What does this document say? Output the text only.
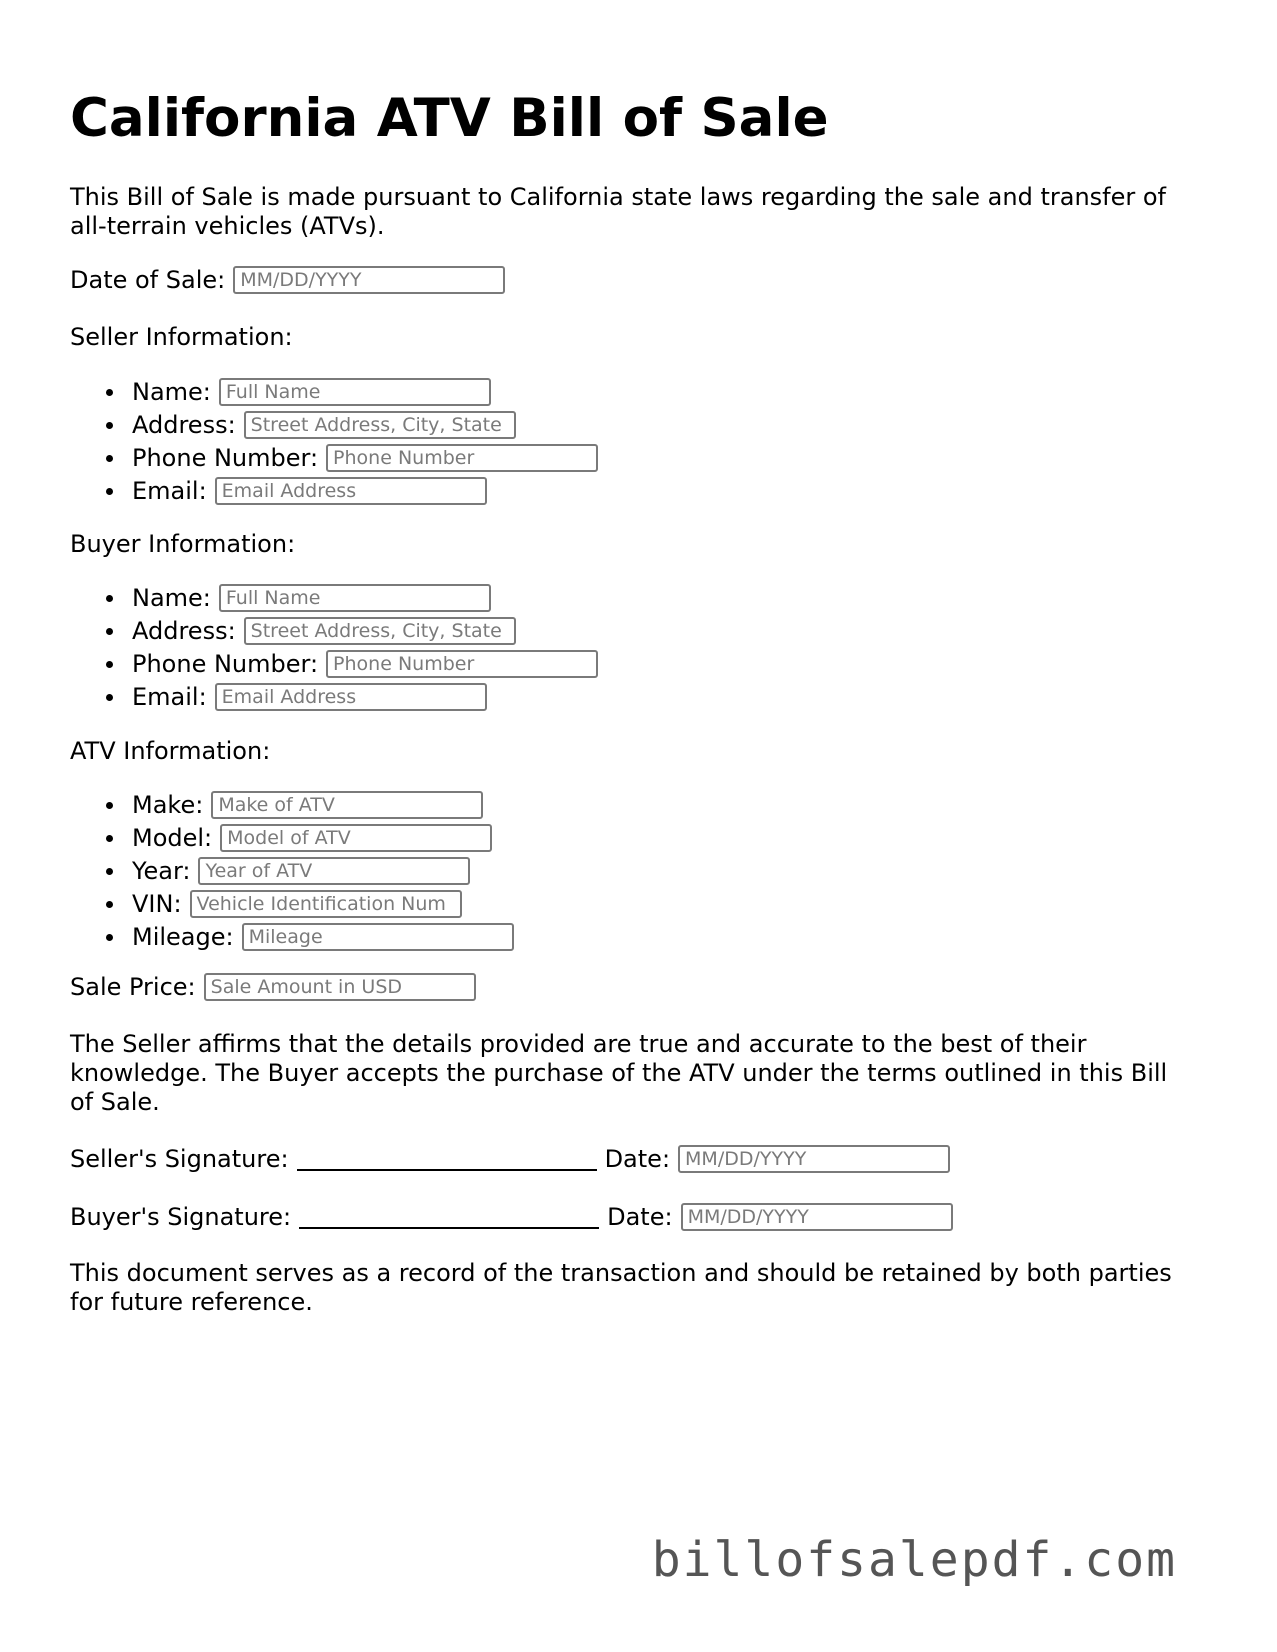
California ATV Bill of Sale
This Bill of Sale is made pursuant to California state laws regarding the sale and transfer of all-terrain vehicles (ATVs).
Date of Sale: MM/DD/YYYY
Seller Information:
Name: Full Name
Address: Street Address, City, State
Phone Number: Phone Number
Email: Email Address
Buyer Information:
Name: Full Name
Address: Street Address, City, State
Phone Number: Phone Number
Email: Email Address
ATV Information:
Make: Make of ATV
Model: Model of ATV
Year: Year of ATV
VIN: Vehicle Identification Num
Mileage: Mileage
Sale Price: Sale Amount in USD
The Seller affirms that the details provided are true and accurate to the best of their knowledge. The Buyer accepts the purchase of the ATV under the terms outlined in this Bill of Sale.
Seller's Signature:	Date: MM/DD/YYYY
Buyer's Signature:	Date: MM/DD/YYYY
This document serves as a record of the transaction and should be retained by both parties for future reference.
billofsalepdf.com
